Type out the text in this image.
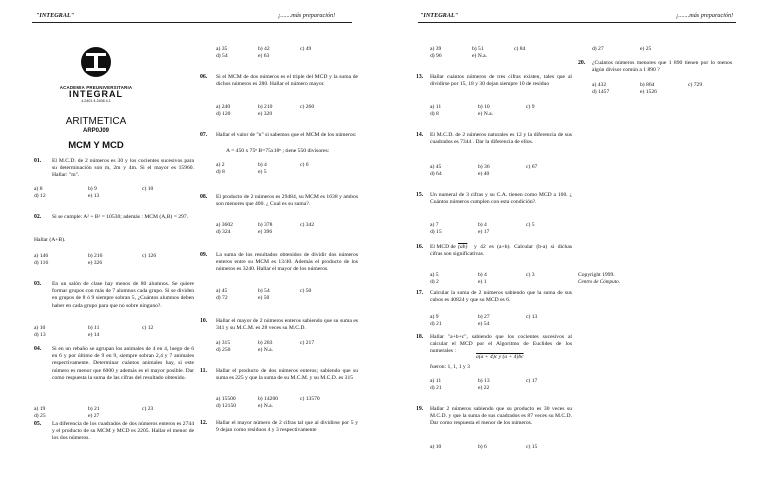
"INTEGRAL"	¡.......más preparación!	"INTEGRAL"	¡.......más preparación!
ACADEMIA PREUNIVERSITARIA
INTEGRAL
4-2401 4-2408 4-1
ARITMETICA
ARP0J09
MCM Y MCD
01. El M.C.D. de 2 números es 30 y los cocientes sucesivos para su determinación son m, 2m y 4m. Si el mayor es 15960. Hallar: "m".
a) 8	b) 9	c) 10
d) 12	e) 13
02. Si se cumple: A² + B² = 10530; además : MCM (A,B) = 297.
Hallar (A+B).
a) 146	b) 216	c) 126
d) 116	e) 326
03. En un salón de clase hay menos de 80 alumnos. Se quiere formar grupos con más de 7 alumnos cada grupo. Si se dividen en grupos de 8 ó 9 siempre sobran 5, ¿Cuántos alumnos deben haber en cada grupo para que no sobre ninguno?.
a) 10	b) 11	c) 12
d) 13	e) 14
04. Si en un rebaño se agrupan los animales de 4 en 4, luego de 6 en 6 y por último de 9 en 9, siempre sobran 2,4 y 7 animales respectivamente. Determinar cuántos animales hay, si este número es menor que 6000 y además es el mayor posible. Dar como respuesta la suma de las cifras del resultado obtenido.
a) 19	b) 21	c) 23
d) 25	e) 27
05. La diferencia de los cuadrados de dos números enteros es 2744 y el producto de su MCM y MCD es 2205. Hallar el menor de los dos números.
a) 35	b) 42	c) 49
d) 54	e) 63
06. Si el MCM de dos números es el triple del MCD y la suma de dichos números es 280. Hallar el número mayor.
a) 240	b) 210	c) 260
d) 120	e) 320
07. Hallar el valor de "n" si sabemos que el MCM de los números:
A = 450 x 75ⁿ B=75x18ⁿ ; tiene 550 divisores:
a) 2	b) 4	c) 6
d) 8	e) 5
08. El producto de 2 números es 29484, su MCM es 1638 y ambos son menores que 400. ¿ Cual es su suma?.
a) 3602	b) 378	c) 342
d) 324	e) 396
09. La suma de los resultados obtenidos de dividir dos números enteros entre su MCM es 13/40. Además el producto de los números es 3240. Hallar el mayor de los números.
a) 45	b) 54	c) 50
d) 72	e) 50
10. Hallar el mayor de 2 números enteros sabiendo que su suma es 341 y su M.C.M. es 28 veces su M.C.D.
a) 315	b) 283	c) 217
d) 250	e) N.a.
11. Hallar el producto de dos números enteros; sabiendo que su suma es 225 y que la suma de su M.C.M. y su M.C.D. es 315
a) 15500	b) 14200	c) 13570
d) 12150	e) N.a.
12. Hallar el mayor número de 2 cifras tal que al dividirse por 5 y 9 dejan como residuos 4 y 3 respectivamente
a) 39	b) 51	c) 84
d) 96	e) N.a.
13. Hallar cuántos números de tres cifras existen, tales que al dividirse por 15, 18 y 30 dejan siempre 10 de residuo
a) 11	b) 10	c) 9
d) 8	e) N.a.
14. El M.C.D. de 2 números naturales es 12 y la diferencia de sus cuadrados es 7344 . Dar la diferencia de ellos.
a) 45	b) 36	c) 67
d) 64	e) 40
15. Un numeral de 3 cifras y su C.A. tienen como MCD a 100. ¿ Cuántos números cumplen con esta condición?.
a) 7	b) 4	c) 5
d) 15	e) 17
16. El MCD de (ab)	y 42 es (a+b). Calcular (b-a) si dichas cifras son significativas.
a) 5	b) 4	c) 3
d) 2	e) 1
17. Calcular la suma de 2 números sabiendo que la suma de sus cubos es 40824 y que su MCD es 6.
a) 9	b) 27	c) 13
d) 21	e) 54
18. Hallar "a+b+c", sabiendo que los cocientes sucesivos al calcular el MCD por el Algoritmo de Euclides de los numerales :
a(a + 4)c y (a + 4)bc
fueron: 1, 1, 1 y 3
a) 11	b) 13	c) 17
d) 21	e) 22
19. Hallar 2 números sabiendo que su producto es 30 veces su M.C.D. y que la suma de sus cuadrados es 87 veces su M.C.D. Dar como respuesta el menor de los números.
a) 10	b) 6	c) 15
d) 27	e) 25
20. ¿Cuántos números menores que 1 890 tienen por lo menos algún divisor común a 1 890 ?
a) 432	b) 864	c) 729
d) 1457	e) 1526
Copyright 1999.
Centro de Cómputo.
